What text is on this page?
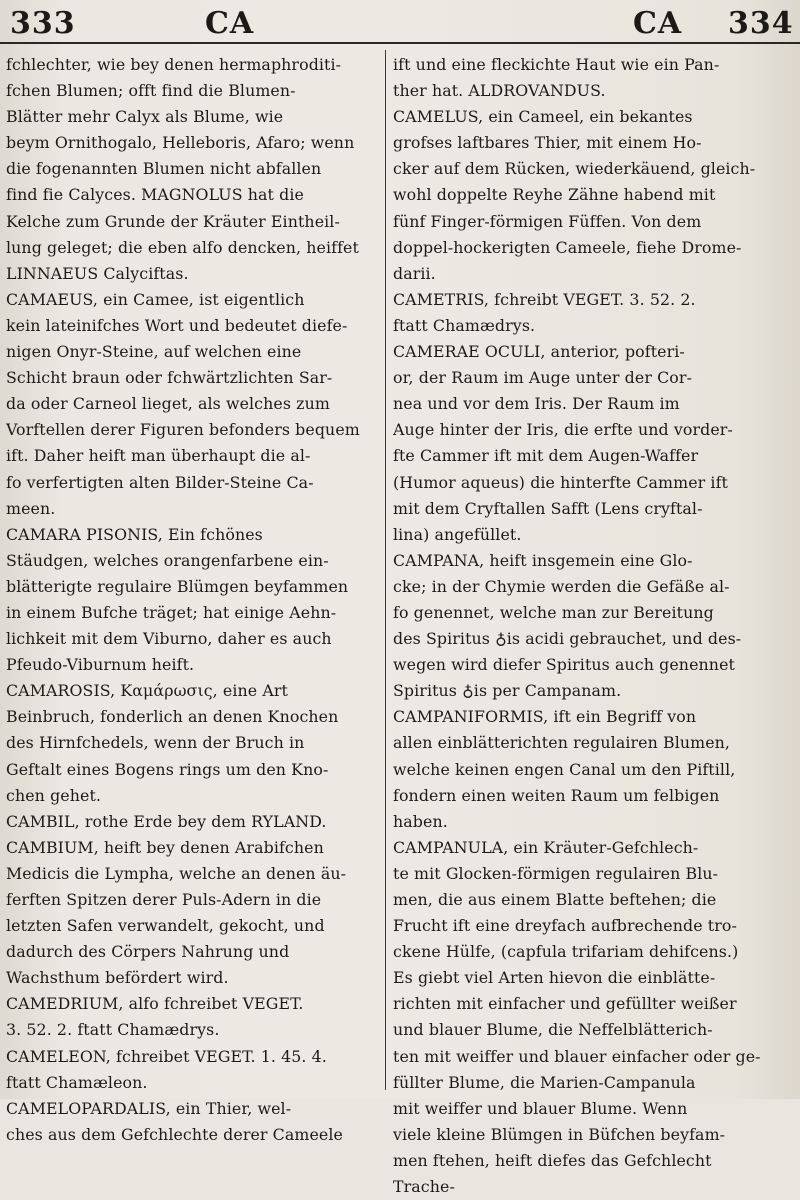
333	CA	CA 334
fchlechter, wie bey denen hermaphroditi-
fchen Blumen; offt find die Blumen-
Blätter mehr Calyx als Blume, wie
beym Ornithogalo, Helleboris, Afaro; wenn
die fogenannten Blumen nicht abfallen
find fie Calyces. MAGNOLUS hat die
Kelche zum Grunde der Kräuter Eintheil-
lung geleget; die eben alfo dencken, heiffet
LINNAEUS Calyciftas.
CAMAEUS, ein Camee, ist eigentlich
kein lateinifches Wort und bedeutet diefe-
nigen Onyr-Steine, auf welchen eine
Schicht braun oder fchwärtzlichten Sar-
da oder Carneol lieget, als welches zum
Vorftellen derer Figuren befonders bequem
ift. Daher heift man überhaupt die al-
fo verfertigten alten Bilder-Steine Ca-
meen.
CAMARA PISONIS, Ein fchönes
Stäudgen, welches orangenfarbene ein-
blätterigte regulaire Blümgen beyfammen
in einem Bufche träget; hat einige Aehn-
lichkeit mit dem Viburno, daher es auch
Pfeudo-Viburnum heift.
CAMAROSIS, Καμάρωσις, eine Art
Beinbruch, fonderlich an denen Knochen
des Hirnfchedels, wenn der Bruch in
Geftalt eines Bogens rings um den Kno-
chen gehet.
CAMBIL, rothe Erde bey dem RYLAND.
CAMBIUM, heift bey denen Arabifchen
Medicis die Lympha, welche an denen äu-
ferften Spitzen derer Puls-Adern in die
letzten Safen verwandelt, gekocht, und
dadurch des Cörpers Nahrung und
Wachsthum befördert wird.
CAMEDRIUM, alfo fchreibet VEGET.
3. 52. 2. ftatt Chamædrys.
CAMELEON, fchreibet VEGET. 1. 45. 4.
ftatt Chamæleon.
CAMELOPARDALIS, ein Thier, wel-
ches aus dem Gefchlechte derer Cameele
ift und eine fleckichte Haut wie ein Pan-
ther hat. ALDROVANDUS.
CAMELUS, ein Cameel, ein bekantes
grofses laftbares Thier, mit einem Ho-
cker auf dem Rücken, wiederkäuend, gleich-
wohl doppelte Reyhe Zähne habend mit
fünf Finger-förmigen Füffen. Von dem
doppel-hockerigten Cameele, fiehe Drome-
darii.
CAMETRIS, fchreibt VEGET. 3. 52. 2.
ftatt Chamædrys.
CAMERAE OCULI, anterior, pofteri-
or, der Raum im Auge unter der Cor-
nea und vor dem Iris. Der Raum im
Auge hinter der Iris, die erfte und vorder-
fte Cammer ift mit dem Augen-Waffer
(Humor aqueus) die hinterfte Cammer ift
mit dem Cryftallen Safft (Lens cryftal-
lina) angefüllet.
CAMPANA, heift insgemein eine Glo-
cke; in der Chymie werden die Gefäße al-
fo genennet, welche man zur Bereitung
des Spiritus ♁is acidi gebrauchet, und des-
wegen wird diefer Spiritus auch genennet
Spiritus ♁is per Campanam.
CAMPANIFORMIS, ift ein Begriff von
allen einblätterichten regulairen Blumen,
welche keinen engen Canal um den Piftill,
fondern einen weiten Raum um felbigen
haben.
CAMPANULA, ein Kräuter-Gefchlech-
te mit Glocken-förmigen regulairen Blu-
men, die aus einem Blatte beftehen; die
Frucht ift eine dreyfach aufbrechende tro-
ckene Hülfe, (capfula trifariam dehifcens.)
Es giebt viel Arten hievon die einblätte-
richten mit einfacher und gefüllter weißer
und blauer Blume, die Neffelblätterich-
ten mit weiffer und blauer einfacher oder ge-
füllter Blume, die Marien-Campanula
mit weiffer und blauer Blume. Wenn
viele kleine Blümgen in Büfchen beyfam-
men ftehen, heift diefes das Gefchlecht
Trache-
